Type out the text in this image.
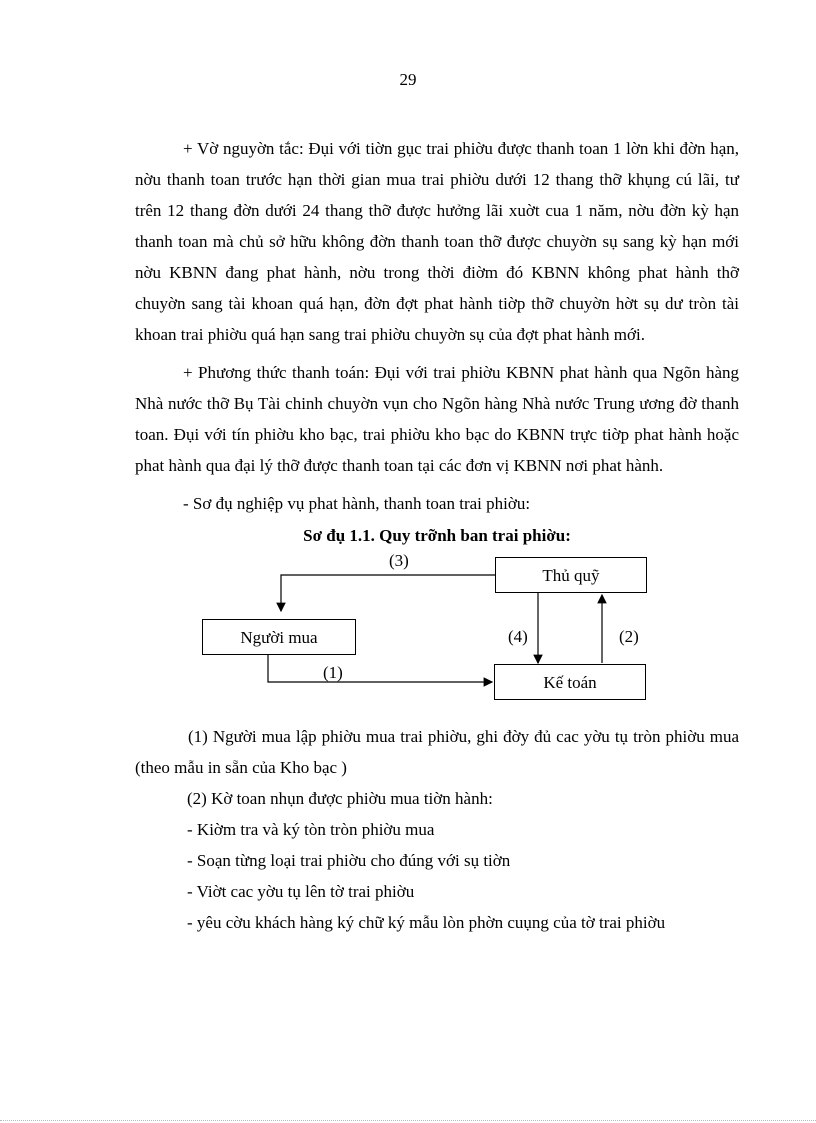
29

+ Vờ nguyờn tắc: Đụi với tiờn gục trai phiờu được thanh toan 1 lờn khi đờn hạn, nờu thanh toan trước hạn thời gian mua trai phiờu dưới 12 thang thỡ khụng cú lãi, tư trên 12 thang đờn dưới 24 thang thỡ được hưởng lãi xuờt cua 1 năm, nờu đờn kỳ hạn thanh toan mà chủ sở hữu không đờn thanh toan thỡ được chuyờn sụ sang kỳ hạn mới nờu KBNN đang phat hành, nờu trong thời điờm đó KBNN không phat hành thỡ chuyờn sang tài khoan quá hạn, đờn đợt phat hành tiờp thỡ chuyờn hờt sụ dư tròn tài khoan trai phiờu quá hạn sang trai phiờu chuyờn sụ của đợt phat hành mới.

+ Phương thức thanh toán: Đụi với trai phiờu KBNN phat hành qua Ngõn hàng Nhà nước thỡ Bụ Tài chinh chuyờn vụn cho Ngõn hàng Nhà nước Trung ương đờ thanh toan. Đụi với tín phiờu kho bạc, trai phiờu kho bạc do KBNN trực tiờp phat hành hoặc phat hành qua đại lý thỡ được thanh toan tại các đơn vị KBNN nơi phat hành.

- Sơ đụ nghiệp vụ phat hành, thanh toan trai phiờu:

Sơ đụ 1.1. Quy trỡnh ban trai phiờu:

Thủ quỹ
Người mua
Kế toán
(3)
(4)	(2)
(1)

(1) Người mua lập phiờu mua trai phiờu, ghi đờy đủ cac yờu tụ tròn phiờu mua (theo mẫu in sẵn của Kho bạc )

(2) Kờ toan nhụn được phiờu mua tiờn hành:

- Kiờm tra và ký tòn tròn phiờu mua

- Soạn từng loại trai phiờu cho đúng với sụ tiờn

- Viờt cac yờu tụ lên tờ trai phiờu

- yêu cờu khách hàng ký chữ ký mẫu lòn phờn cuụng của tờ trai phiờu
